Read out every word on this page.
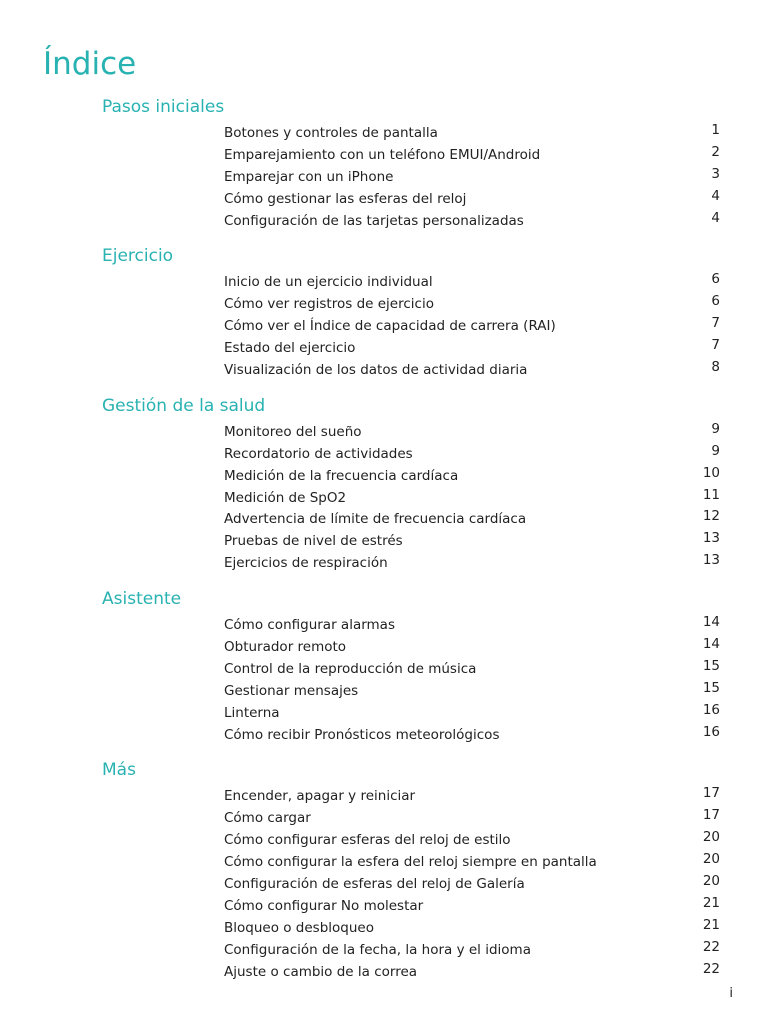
Índice
Pasos iniciales
Botones y controles de pantalla	1
Emparejamiento con un teléfono EMUI/Android	2
Emparejar con un iPhone	3
Cómo gestionar las esferas del reloj	4
Configuración de las tarjetas personalizadas	4
Ejercicio
Inicio de un ejercicio individual	6
Cómo ver registros de ejercicio	6
Cómo ver el Índice de capacidad de carrera (RAI)	7
Estado del ejercicio	7
Visualización de los datos de actividad diaria	8
Gestión de la salud
Monitoreo del sueño	9
Recordatorio de actividades	9
Medición de la frecuencia cardíaca	10
Medición de SpO2	11
Advertencia de límite de frecuencia cardíaca	12
Pruebas de nivel de estrés	13
Ejercicios de respiración	13
Asistente
Cómo configurar alarmas	14
Obturador remoto	14
Control de la reproducción de música	15
Gestionar mensajes	15
Linterna	16
Cómo recibir Pronósticos meteorológicos	16
Más
Encender, apagar y reiniciar	17
Cómo cargar	17
Cómo configurar esferas del reloj de estilo	20
Cómo configurar la esfera del reloj siempre en pantalla	20
Configuración de esferas del reloj de Galería	20
Cómo configurar No molestar	21
Bloqueo o desbloqueo	21
Configuración de la fecha, la hora y el idioma	22
Ajuste o cambio de la correa	22
i
